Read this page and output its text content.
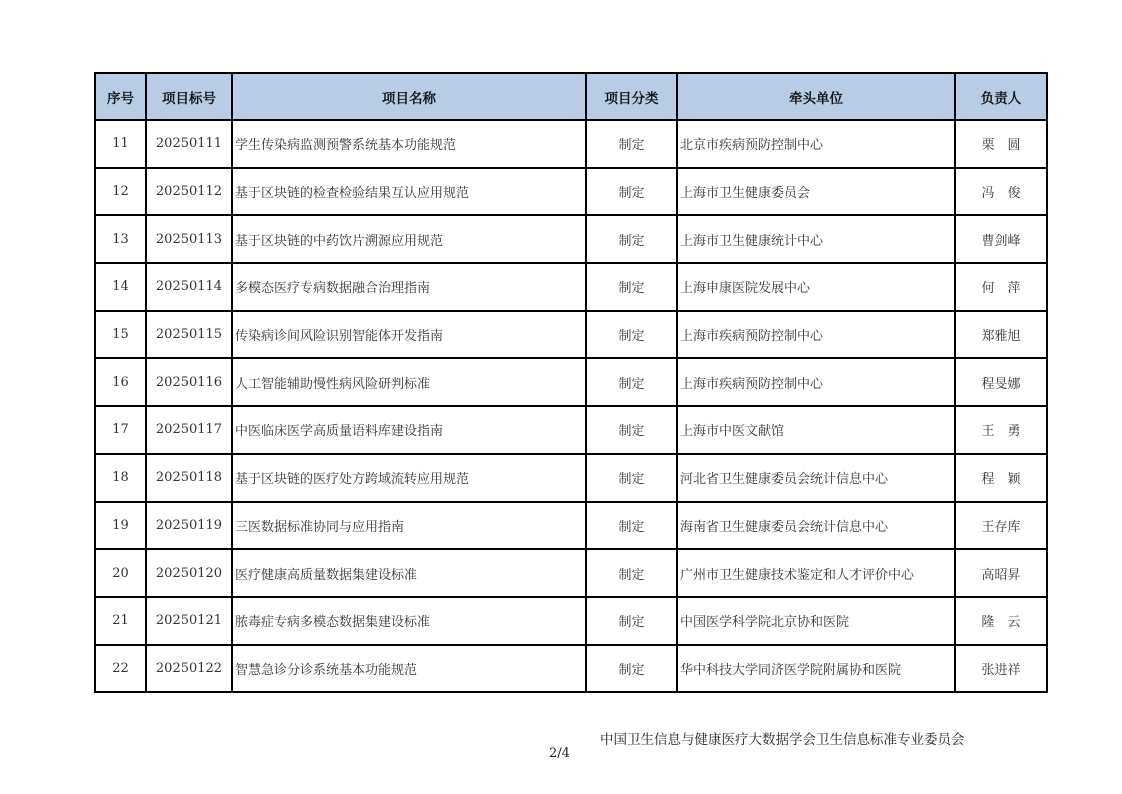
序号	项目标号	项目名称	项目分类	牵头单位	负责人
11	20250111	学生传染病监测预警系统基本功能规范	制定	北京市疾病预防控制中心	栗　圆
12	20250112	基于区块链的检查检验结果互认应用规范	制定	上海市卫生健康委员会	冯　俊
13	20250113	基于区块链的中药饮片溯源应用规范	制定	上海市卫生健康统计中心	曹剑峰
14	20250114	多模态医疗专病数据融合治理指南	制定	上海申康医院发展中心	何　萍
15	20250115	传染病诊间风险识别智能体开发指南	制定	上海市疾病预防控制中心	郑雅旭
16	20250116	人工智能辅助慢性病风险研判标准	制定	上海市疾病预防控制中心	程旻娜
17	20250117	中医临床医学高质量语料库建设指南	制定	上海市中医文献馆	王　勇
18	20250118	基于区块链的医疗处方跨域流转应用规范	制定	河北省卫生健康委员会统计信息中心	程　颖
19	20250119	三医数据标准协同与应用指南	制定	海南省卫生健康委员会统计信息中心	王存库
20	20250120	医疗健康高质量数据集建设标准	制定	广州市卫生健康技术鉴定和人才评价中心	高昭昇
21	20250121	脓毒症专病多模态数据集建设标准	制定	中国医学科学院北京协和医院	隆　云
22	20250122	智慧急诊分诊系统基本功能规范	制定	华中科技大学同济医学院附属协和医院	张进祥
中国卫生信息与健康医疗大数据学会卫生信息标准专业委员会
2/4
